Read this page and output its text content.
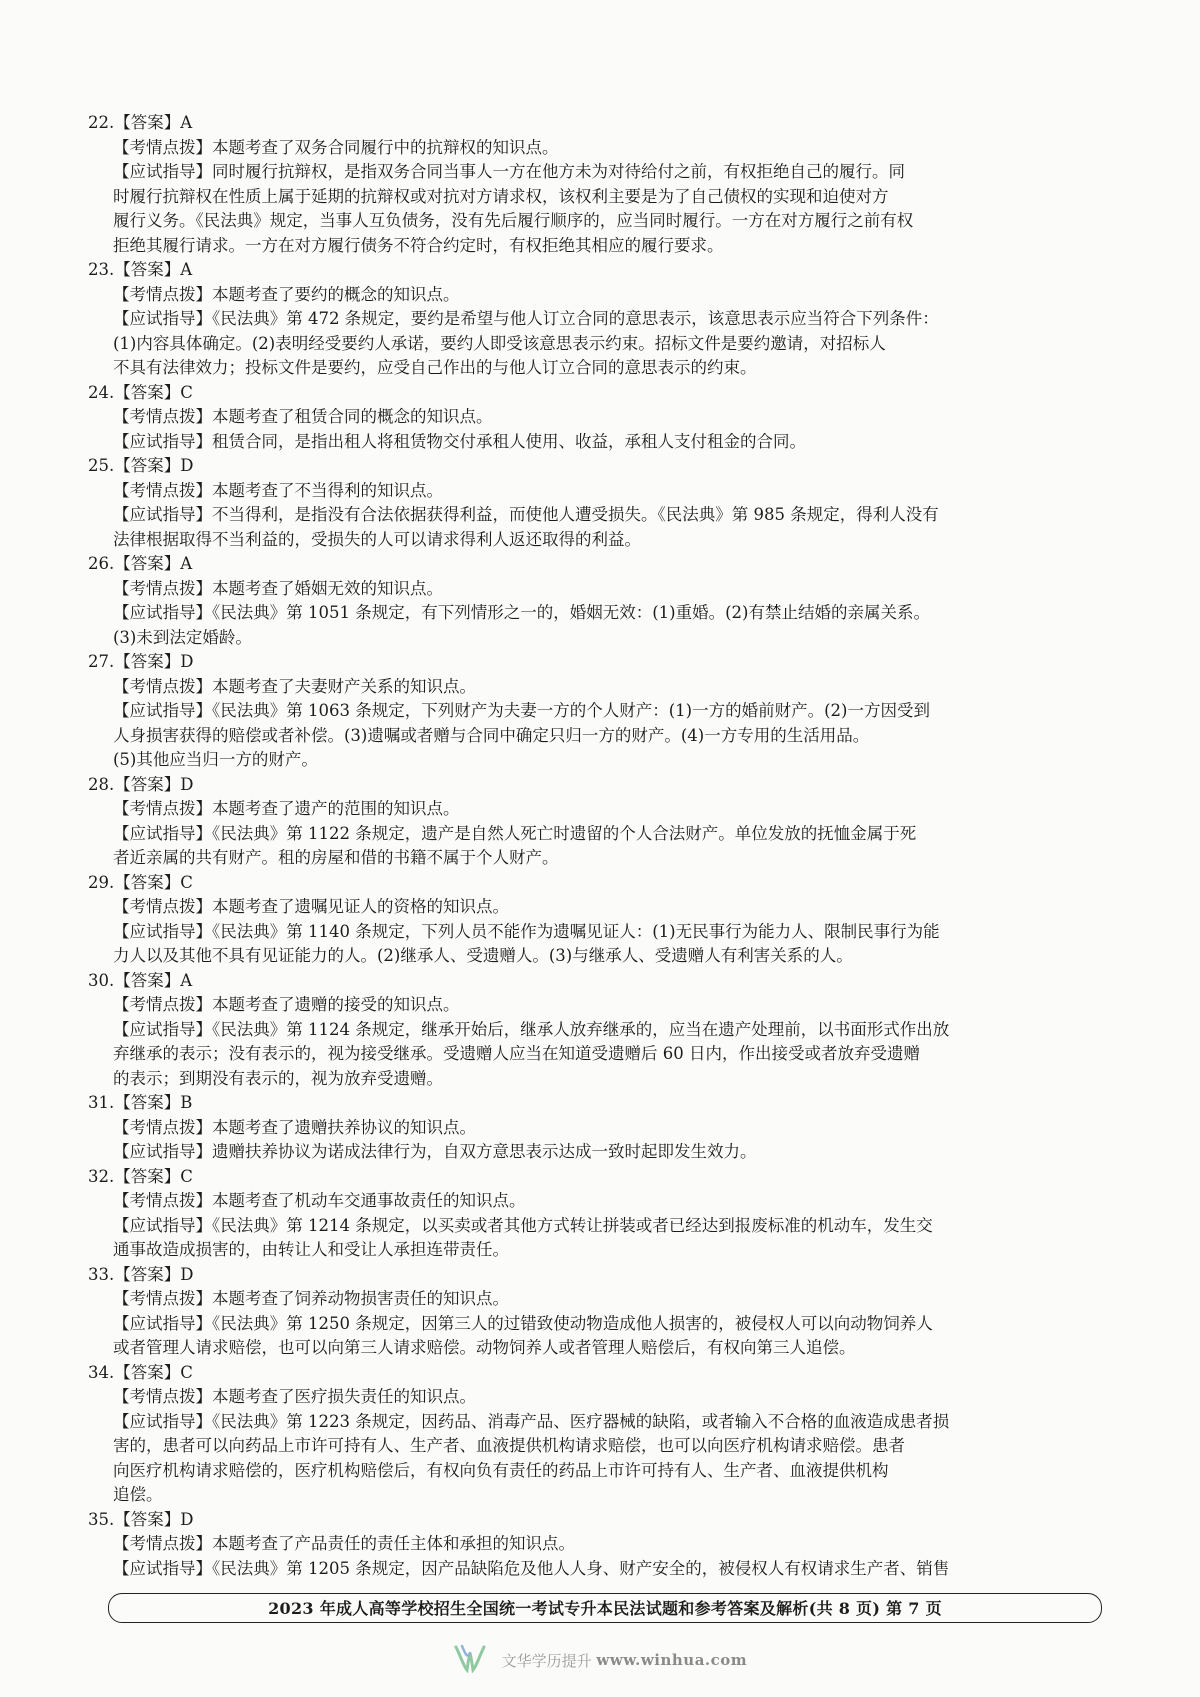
22.【答案】A
【考情点拨】本题考查了双务合同履行中的抗辩权的知识点。
【应试指导】同时履行抗辩权，是指双务合同当事人一方在他方未为对待给付之前，有权拒绝自己的履行。同
时履行抗辩权在性质上属于延期的抗辩权或对抗对方请求权，该权利主要是为了自己债权的实现和迫使对方
履行义务。《民法典》规定，当事人互负债务，没有先后履行顺序的，应当同时履行。一方在对方履行之前有权
拒绝其履行请求。一方在对方履行债务不符合约定时，有权拒绝其相应的履行要求。
23.【答案】A
【考情点拨】本题考查了要约的概念的知识点。
【应试指导】《民法典》第 472 条规定，要约是希望与他人订立合同的意思表示，该意思表示应当符合下列条件：
(1)内容具体确定。(2)表明经受要约人承诺，要约人即受该意思表示约束。招标文件是要约邀请，对招标人
不具有法律效力；投标文件是要约，应受自己作出的与他人订立合同的意思表示的约束。
24.【答案】C
【考情点拨】本题考查了租赁合同的概念的知识点。
【应试指导】租赁合同，是指出租人将租赁物交付承租人使用、收益，承租人支付租金的合同。
25.【答案】D
【考情点拨】本题考查了不当得利的知识点。
【应试指导】不当得利，是指没有合法依据获得利益，而使他人遭受损失。《民法典》第 985 条规定，得利人没有
法律根据取得不当利益的，受损失的人可以请求得利人返还取得的利益。
26.【答案】A
【考情点拨】本题考查了婚姻无效的知识点。
【应试指导】《民法典》第 1051 条规定，有下列情形之一的，婚姻无效：(1)重婚。(2)有禁止结婚的亲属关系。
(3)未到法定婚龄。
27.【答案】D
【考情点拨】本题考查了夫妻财产关系的知识点。
【应试指导】《民法典》第 1063 条规定，下列财产为夫妻一方的个人财产：(1)一方的婚前财产。(2)一方因受到
人身损害获得的赔偿或者补偿。(3)遗嘱或者赠与合同中确定只归一方的财产。(4)一方专用的生活用品。
(5)其他应当归一方的财产。
28.【答案】D
【考情点拨】本题考查了遗产的范围的知识点。
【应试指导】《民法典》第 1122 条规定，遗产是自然人死亡时遗留的个人合法财产。单位发放的抚恤金属于死
者近亲属的共有财产。租的房屋和借的书籍不属于个人财产。
29.【答案】C
【考情点拨】本题考查了遗嘱见证人的资格的知识点。
【应试指导】《民法典》第 1140 条规定，下列人员不能作为遗嘱见证人：(1)无民事行为能力人、限制民事行为能
力人以及其他不具有见证能力的人。(2)继承人、受遗赠人。(3)与继承人、受遗赠人有利害关系的人。
30.【答案】A
【考情点拨】本题考查了遗赠的接受的知识点。
【应试指导】《民法典》第 1124 条规定，继承开始后，继承人放弃继承的，应当在遗产处理前，以书面形式作出放
弃继承的表示；没有表示的，视为接受继承。受遗赠人应当在知道受遗赠后 60 日内，作出接受或者放弃受遗赠
的表示；到期没有表示的，视为放弃受遗赠。
31.【答案】B
【考情点拨】本题考查了遗赠扶养协议的知识点。
【应试指导】遗赠扶养协议为诺成法律行为，自双方意思表示达成一致时起即发生效力。
32.【答案】C
【考情点拨】本题考查了机动车交通事故责任的知识点。
【应试指导】《民法典》第 1214 条规定，以买卖或者其他方式转让拼装或者已经达到报废标准的机动车，发生交
通事故造成损害的，由转让人和受让人承担连带责任。
33.【答案】D
【考情点拨】本题考查了饲养动物损害责任的知识点。
【应试指导】《民法典》第 1250 条规定，因第三人的过错致使动物造成他人损害的，被侵权人可以向动物饲养人
或者管理人请求赔偿，也可以向第三人请求赔偿。动物饲养人或者管理人赔偿后，有权向第三人追偿。
34.【答案】C
【考情点拨】本题考查了医疗损失责任的知识点。
【应试指导】《民法典》第 1223 条规定，因药品、消毒产品、医疗器械的缺陷，或者输入不合格的血液造成患者损
害的，患者可以向药品上市许可持有人、生产者、血液提供机构请求赔偿，也可以向医疗机构请求赔偿。患者
向医疗机构请求赔偿的，医疗机构赔偿后，有权向负有责任的药品上市许可持有人、生产者、血液提供机构
追偿。
35.【答案】D
【考情点拨】本题考查了产品责任的责任主体和承担的知识点。
【应试指导】《民法典》第 1205 条规定，因产品缺陷危及他人人身、财产安全的，被侵权人有权请求生产者、销售
2023 年成人高等学校招生全国统一考试专升本民法试题和参考答案及解析(共 8 页) 第 7 页
文华学历提升 www.winhua.com
